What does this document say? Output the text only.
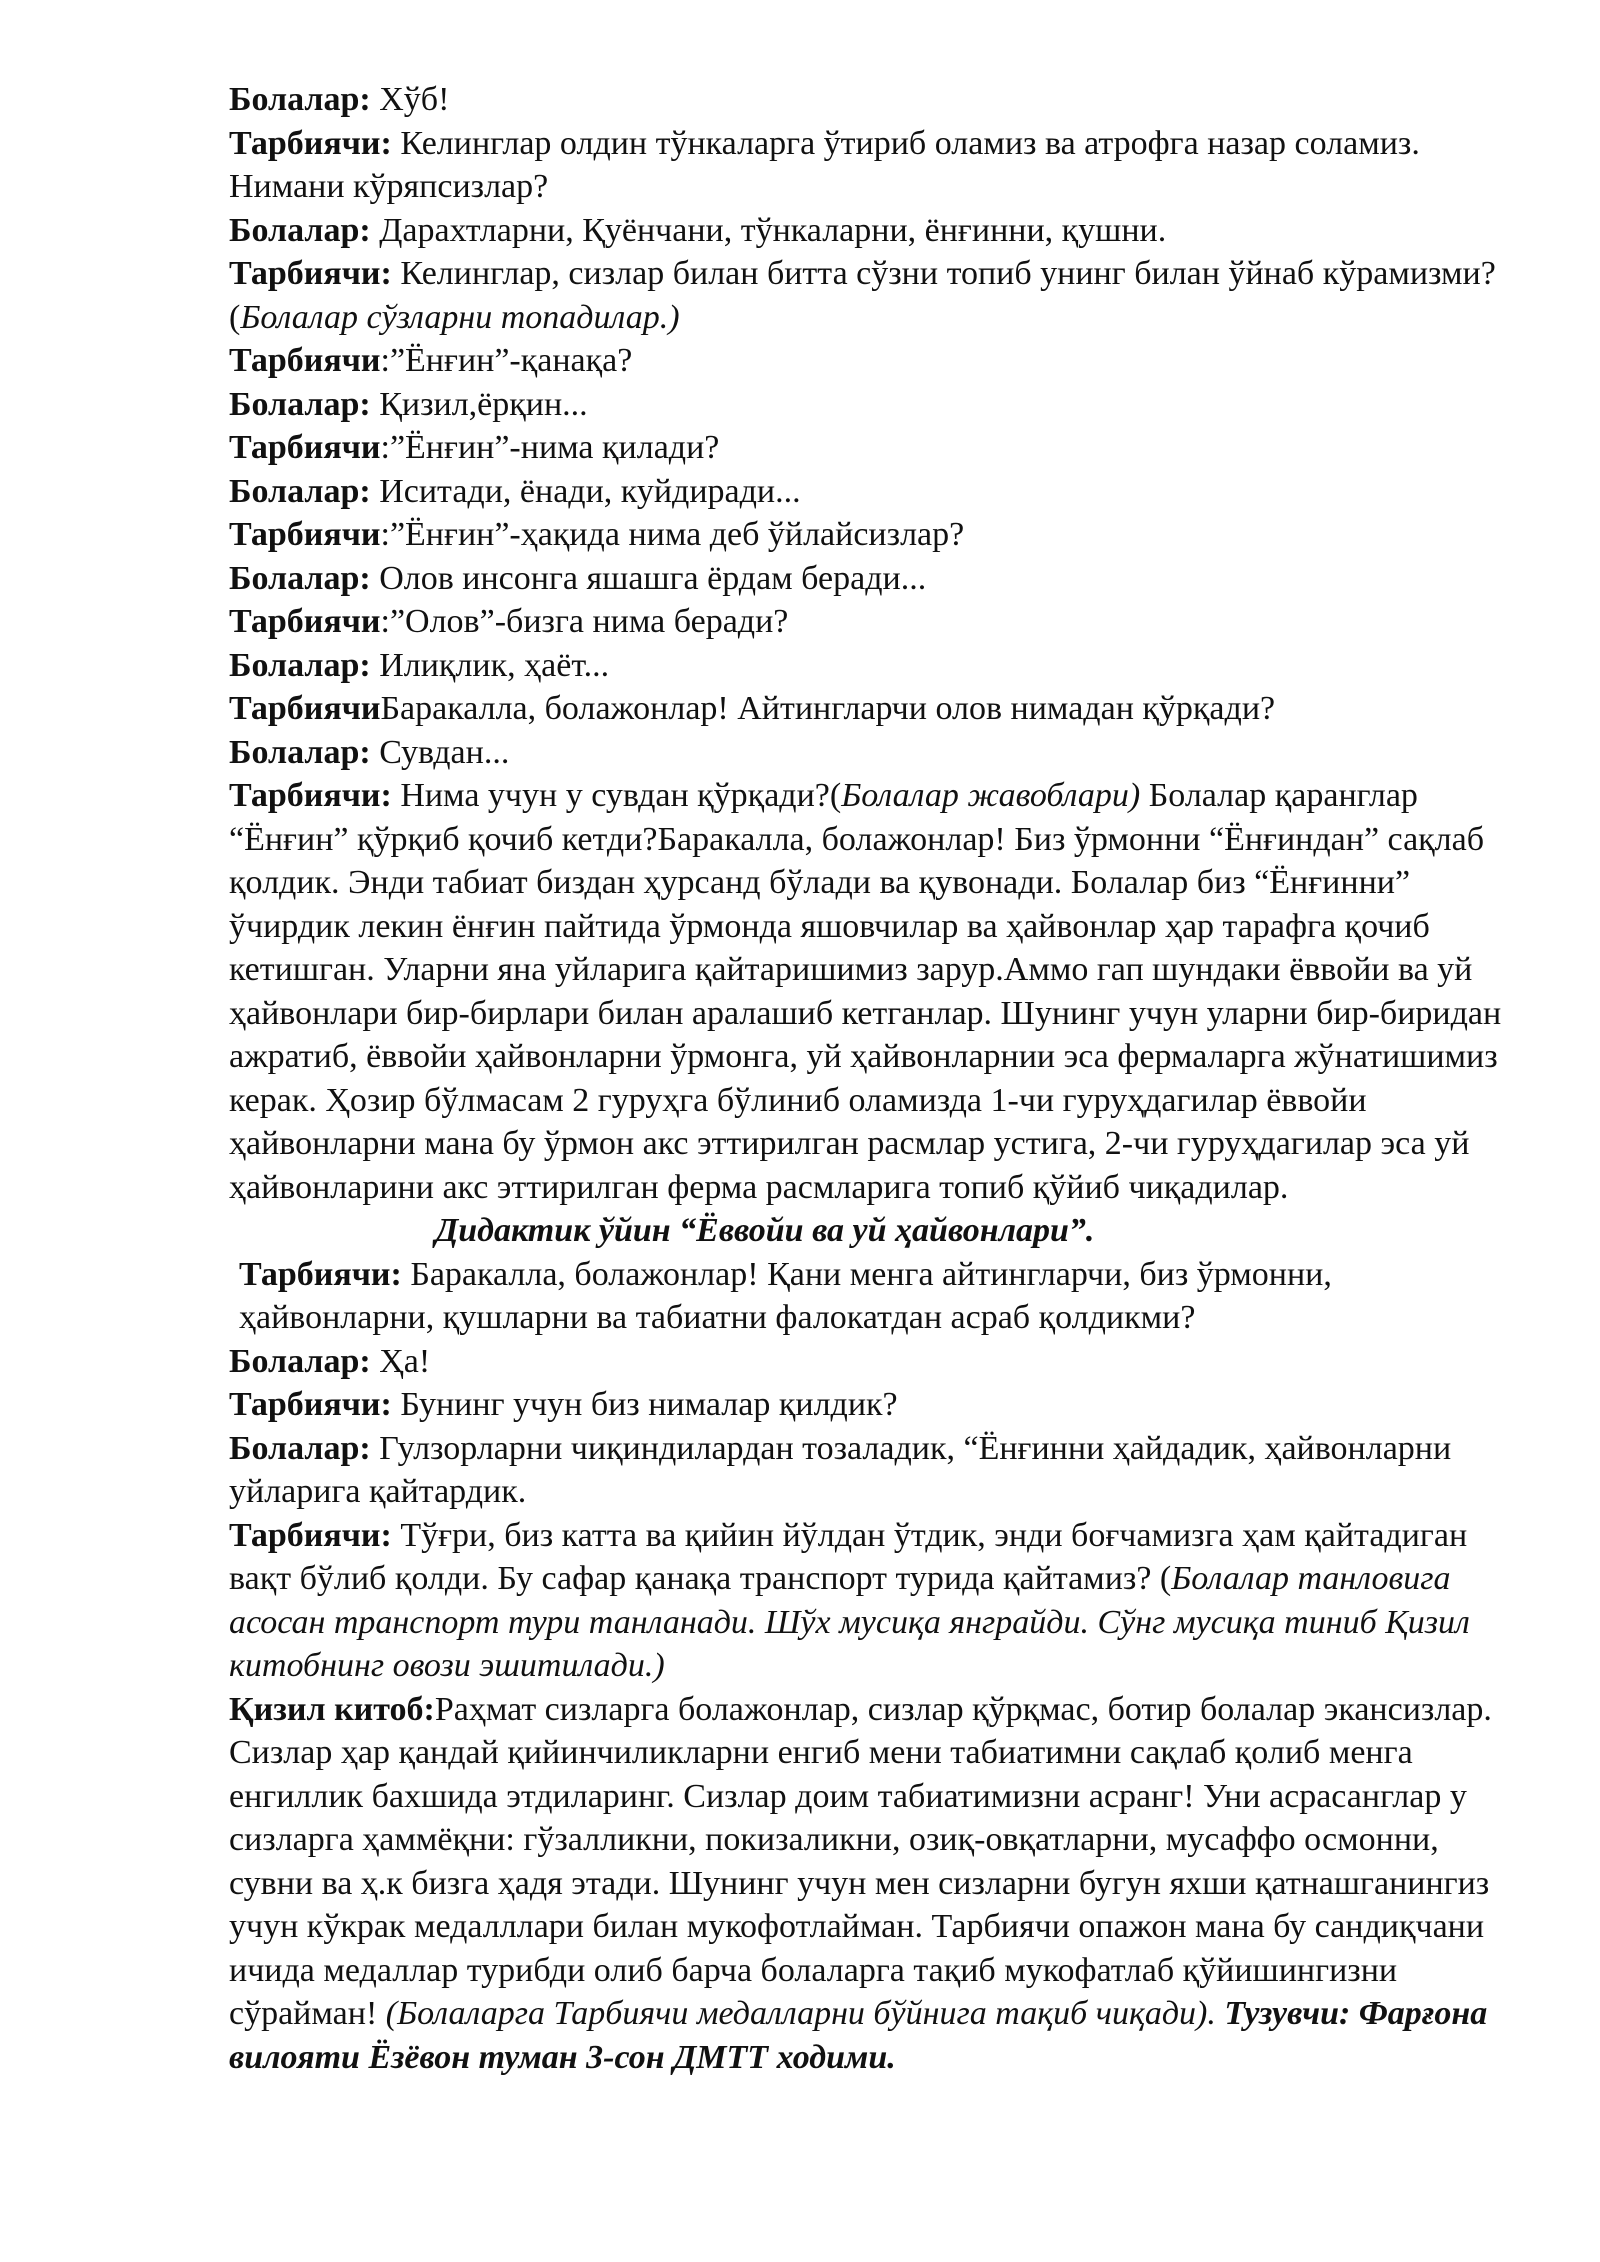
Болалар: Хўб!

Тарбиячи: Келинглар олдин тўнкаларга ўтириб оламиз ва атрофга назар соламиз. Нимани кўряпсизлар?

Болалар: Дарахтларни, Қуёнчани, тўнкаларни, ёнғинни, қушни.

Тарбиячи: Келинглар, сизлар билан битта сўзни топиб унинг билан ўйнаб кўрамизми? (Болалар сўзларни топадилар.)

Тарбиячи:”Ёнғин”-қанақа?

Болалар: Қизил,ёрқин...

Тарбиячи:”Ёнғин”-нима қилади?

Болалар: Иситади, ёнади, куйдиради...

Тарбиячи:”Ёнғин”-ҳақида нима деб ўйлайсизлар?

Болалар: Олов инсонга яшашга ёрдам беради...

Тарбиячи:”Олов”-бизга нима беради?

Болалар: Илиқлик, ҳаёт...

ТарбиячиБаракалла, болажонлар! Айтингларчи олов нимадан қўрқади?

Болалар: Сувдан...

Тарбиячи: Нима учун у сувдан қўрқади?(Болалар жавоблари) Болалар қаранглар “Ёнғин” қўрқиб қочиб кетди?Баракалла, болажонлар! Биз ўрмонни “Ёнғиндан” сақлаб қолдик. Энди табиат биздан ҳурсанд бўлади ва қувонади. Болалар биз “Ёнғинни” ўчирдик лекин ёнғин пайтида ўрмонда яшовчилар ва ҳайвонлар ҳар тарафга қочиб кетишган. Уларни яна уйларига қайтаришимиз зарур.Аммо гап шундаки ёввойи ва уй ҳайвонлари бир-бирлари билан аралашиб кетганлар. Шунинг учун уларни бир-биридан ажратиб, ёввойи ҳайвонларни ўрмонга, уй ҳайвонларнии эса фермаларга жўнатишимиз керак. Ҳозир бўлмасам 2 гуруҳга бўлиниб оламизда 1-чи гуруҳдагилар ёввойи ҳайвонларни мана бу ўрмон акс эттирилган расмлар устига, 2-чи гуруҳдагилар эса уй ҳайвонларини акс эттирилган ферма расмларига топиб қўйиб чиқадилар.

Дидактик ўйин “Ёввойи ва уй ҳайвонлари”.

Тарбиячи: Баракалла, болажонлар! Қани менга айтингларчи, биз ўрмонни, ҳайвонларни, қушларни ва табиатни фалокатдан асраб қолдикми?

Болалар: Ҳа!

Тарбиячи: Бунинг учун биз нималар қилдик?

Болалар: Гулзорларни чиқиндилардан тозаладик, “Ёнғинни ҳайдадик, ҳайвонларни уйларига қайтардик.

Тарбиячи: Тўғри, биз катта ва қийин йўлдан ўтдик, энди боғчамизга ҳам қайтадиган вақт бўлиб қолди. Бу сафар қанақа транспорт турида қайтамиз? (Болалар танловига асосан транспорт тури танланади. Шўх мусиқа янграйди. Сўнг мусиқа тиниб Қизил китобнинг овози эшитилади.)

Қизил китоб:Раҳмат сизларга болажонлар, сизлар қўрқмас, ботир болалар экансизлар. Сизлар ҳар қандай қийинчиликларни енгиб мени табиатимни сақлаб қолиб менга енгиллик бахшида этдиларинг. Сизлар доим табиатимизни асранг! Уни асрасанглар у сизларга ҳаммёқни: гўзалликни, покизаликни, озиқ-овқатларни, мусаффо осмонни, сувни ва ҳ.к бизга ҳадя этади. Шунинг учун мен сизларни бугун яхши қатнашганингиз учун кўкрак медалллари билан мукофотлайман. Тарбиячи опажон мана бу сандиқчани ичида медаллар турибди олиб барча болаларга тақиб мукофатлаб қўйишингизни сўрайман! (Болаларга Тарбиячи медалларни бўйнига тақиб чиқади). Тузувчи: Фарғона вилояти Ёзёвон туман 3-сон ДМТТ ходими.
